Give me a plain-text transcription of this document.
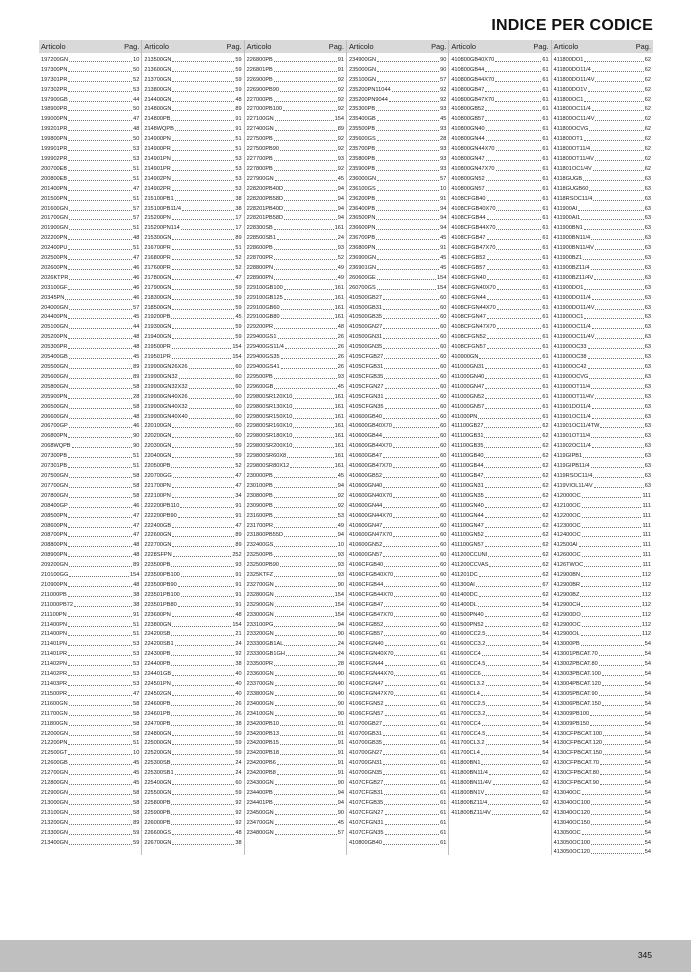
INDICE PER CODICE
Articolo	Pag.
197200GN	10
197300PN	50
197301PR	52
197302PR	53
197900GB	44
198900PR	50
199000PN	47
199201PR	48
199800PN	50
199901PR	53
199902PR	53
200700EB	51
200800EB	51
201400PN	47
201500PN	51
201600GN	57
201700GN	57
201900GN	51
202200PN	48
202400PU	51
202500PN	47
202600PN	46
2026KTPR	46
203100GF	46
20345PN	46
204000GN	57
204400PN	45
205100GN	44
205200PN	48
205300PR	48
205400GB	45
205500GN	89
205600GN	89
205800GN	58
205900PN	28
206500GN	58
206600GN	48
206700GP	46
206800PN	90
2068WQPB	90
207300PB	51
207301PB	51
207500GN	58
207700GN	58
207800GN	58
208400GP	46
208500PN	47
208600PN	47
208700PN	47
208800PN	48
208900PN	48
209200GN	89
210100GG	154
210900PN	48
211000PB	38
211000PB72	38
211100PN	91
211400PN	51
211400PN	51
211401PN	53
211401PR	53
211402PN	53
211402PR	53
211403PR	53
211500PR	47
211600GN	58
211700GN	58
211800GN	58
212000GN	58
212200PN	51
212500GT	10
212600GB	45
212700GN	45
212800GN	45
212900GN	58
213000GN	58
213100GN	58
213200GN	89
213300GN	59
213400GN	59
Articolo	Pag.
213500GN	59
213600GN	59
213700GN	59
213800GN	59
214400GN	48
214800GN	89
214800PB	91
2148WQPB	91
214900PN	51
214900PR	51
214901PN	53
214901PR	53
214902PN	53
214902PR	53
215100PB1	38
215100PB11/4	38
215200PN	17
215200PN114	17
215300GN	89
216700PR	51
216800PR	52
217600PR	52
217800GN	47
217900GN	59
218300GN	59
218500GN	59
219200PB	45
219300GN	59
219400GN	59
219500PR	154
219501PR	154
219900GN26X26	60
219900GN32	60
219900GN32X32	60
219900GN40X26	60
219900GN40X32	60
219900GN40X40	60
220100GN	60
220200GN	60
220300GN	59
220400GN	59
220500PB	52
220700GG	47
221700PN	47
222100PN	34
222200PB110	91
222200PB90	91
222400GB	47
222600GN	89
222700GN	89
2228SFPN	252
223500PB	93
223500PB100	91
223500PB90	91
223501PB100	91
223501PB80	91
223600PN	48
223800GN	154
224200SB	21
224200SB1	24
224300PB	92
224400PB	38
224401GB	40
224501PN	40
224502GN	40
224600PB	26
224601PB	26
224700PB	38
224800GN	59
225000GN	59
225200GN	59
225300SB	24
225300SB1	24
225400GN	60
225500GN	59
225800PB	92
225900PB	92
226000PB	92
226600GS	48
226700GN	38
Articolo	Pag.
226800PB	91
226801PB	91
226900PB	92
226900PB90	92
227000PB	92
227000PB100	92
227100GN	154
227400GN	89
227500PB	92
227500PB90	92
227700PB	93
227800PB	92
227900GN	45
228200PB40D	94
228200PB58D	94
228201PB40D	94
228201PB58D	94
228300SB	161
228500SB1	24
228600PB	93
228700PR	52
228800PN	49
228900PN	49
229100GB100	161
229100GB125	161
229100GB60	161
229100GB80	161
229200PR	48
229400GS1	26
229400GS11/4	26
229400GS35	26
229400GS41	26
229500PB	93
229600GB	45
229800SR120X10	161
229800SR130X10	161
229800SR150X10	161
229800SR160X10	161
229800SR180X10	161
229800SR200X10	161
229800SR60X8	161
229800SR80X12	161
230000PB	45
230100PB	94
230800PB	92
230900PB	92
231600PB	53
231700PR	49
231800PB55D	94
232400GS	10
232500PB	93
232500PB90	93
2325KTFZ	93
232700GN	90
232800GN	154
232900GN	154
233000GN	154
233100PG	94
233200GN	90
233300GB1AL	24
233300GB1GH	24
233500PR	28
233600GN	90
233700GN	90
233800GN	90
234000GN	90
234100GN	90
234200PB10	91
234200PB13	91
234200PB15	91
234200PB18	91
234200PB6	91
234200PB8	91
234300GN	90
234400PB	94
234401PB	94
234500GN	90
234700GN	45
234800GN	57
Articolo	Pag.
234900GN	90
235000GN	90
235100GN	57
235200PN11044	92
235200PN9044	92
235300PB	93
235400GB	45
235500PB	93
235600GS	28
235700PB	93
235800PB	93
235900PB	93
236000GN	57
236100GS	10
236200PB	91
236400PB	94
236500PN	94
236600PN	94
236700PB	45
236800PN	91
236900GN	45
236901GN	45
260600GE	154
260700GS	154
410500GB27	60
410500GB31	60
410500GB35	60
410500GN27	60
410500GN31	60
410500GN35	60
4105CFGB27	60
4105CFGB31	60
4105CFGB35	60
4105CFGN27	60
4105CFGN31	60
4105CFGN35	60
410600GB40	60
410600GB40X70	60
410600GB44	60
410600GB44X70	60
410600GB47	60
410600GB47X70	60
410600GB52	60
410600GN40	60
410600GN40X70	60
410600GN44	60
410600GN44X70	60
410600GN47	60
410600GN47X70	60
410600GN52	60
410600GN57	60
4106CFGB40	60
4106CFGB40X70	60
4106CFGB44	60
4106CFGB44X70	60
4106CFGB47	60
4106CFGB47X70	60
4106CFGB52	60
4106CFGB57	60
4106CFGN40	61
4106CFGN40X70	61
4106CFGN44	61
4106CFGN44X70	61
4106CFGN47	61
4106CFGN47X70	61
4106CFGN52	61
4106CFGN57	61
410700GB27	61
410700GB31	61
410700GB35	61
410700GN27	61
410700GN31	61
410700GN35	61
4107CFGB27	61
4107CFGB31	61
4107CFGB35	61
4107CFGN27	61
4107CFGN31	61
4107CFGN35	61
410800GB40	61
Articolo	Pag.
410800GB40X70	61
410800GB44	61
410800GB44X70	61
410800GB47	61
410800GB47X70	61
410800GB52	61
410800GB57	61
410800GN40	61
410800GN44	61
410800GN44X70	61
410800GN47	61
410800GN47X70	61
410800GN52	61
410800GN57	61
4108CFGB40	61
4108CFGB40X70	61
4108CFGB44	61
4108CFGB44X70	61
4108CFGB47	61
4108CFGB47X70	61
4108CFGB52	61
4108CFGB57	61
4108CFGN40	61
4108CFGN40X70	61
4108CFGN44	61
4108CFGN44X70	61
4108CFGN47	61
4108CFGN47X70	61
4108CFGN52	61
4108CFGN57	61
410900GN	61
411000GN31	61
411000GN40	61
411000GN47	61
411000GN52	61
411000GN57	61
411000PN	61
411100GB27	62
411100GB31	62
411100GB35	62
411100GB40	62
411100GB44	62
411100GB47	62
411100GN31	62
411100GN35	62
411100GN40	62
411100GN44	62
411100GN47	62
411100GN52	62
411100GN57	62
411200CCUNI	62
411200CCVAS	62
411201DC	62
411300AI	67
411400DC	62
411400DL	54
411500PN40	62
411500PN52	62
411600CC2.5	54
411600CC3.2	54
411600CC4	54
411600CC4.5	54
411600CC6	54
411600CL3.2	54
411600CL4	54
411700CC2.5	54
411700CC3.2	54
411700CC4	54
411700CC4.5	54
411700CL3.2	54
411700CL4	54
411800BN1	62
411800BN11/4	62
411800BN11/4V	62
411800BN1V	62
411800BZ11/4	62
411800BZ11/4V	62
Articolo	Pag.
411800DO1	62
411800DO11/4	62
411800DO11/4V	62
411800DO1V	62
411800OC1	62
411800OC11/4	62
411800OC11/4V	62
411800OCVG	62
411800OT1	62
411800OT11/4	62
411800OT11/4V	62
411801OC1/4V	62
4118GUGB	63
4118GUGB60	63
4118RSOC11/4	63
411900AI	63
411900AI1	63
411900BN1	63
411900BN11/4	63
411900BN11/4V	63
411900BZ1	63
411900BZ11/4	63
411900BZ11/4V	63
411900DO1	63
411900DO11/4	63
411900DO11/4V	63
411900OC1	63
411900OC11/4	63
411900OC11/4V	63
411900OC33	63
411900OC38	63
411900OC42	63
411900OCVG	63
411900OT11/4	63
411900OT11/4V	63
411901DO11/4	63
411901OC11/4	63
411901OC11/4TW	63
411901OT11/4	63
411902OC11/4	63
4119GIPB1	63
4119GIPB11/4	63
4119RSOC11/4	63
4119VIOL11/4V	63
412000OC	111
412100OC	111
412200OC	111
412300OC	111
412400OC	111
412500AI	111
412600OC	111
4126TWOC	111
412900BN	112
412900BR	112
412900BZ	112
412900CH	112
412900DO	112
412900OC	112
412900OL	112
413000PB	54
413001PBCAT.70	54
413002PBCAT.80	54
413003PBCAT.100	54
413004PBCAT.120	54
413005PBCAT.90	54
413006PBCAT.150	54
413009PB100	54
413009PB150	54
4130CFPBCAT.100	54
4130CFPBCAT.120	54
4130CFPBCAT.150	54
4130CFPBCAT.70	54
4130CFPBCAT.80	54
4130CFPBCAT.90	54
413040OC	54
413040OC100	54
413040OC120	54
413040OC150	54
413050OC	54
413050OC100	54
413050OC120	54
345
